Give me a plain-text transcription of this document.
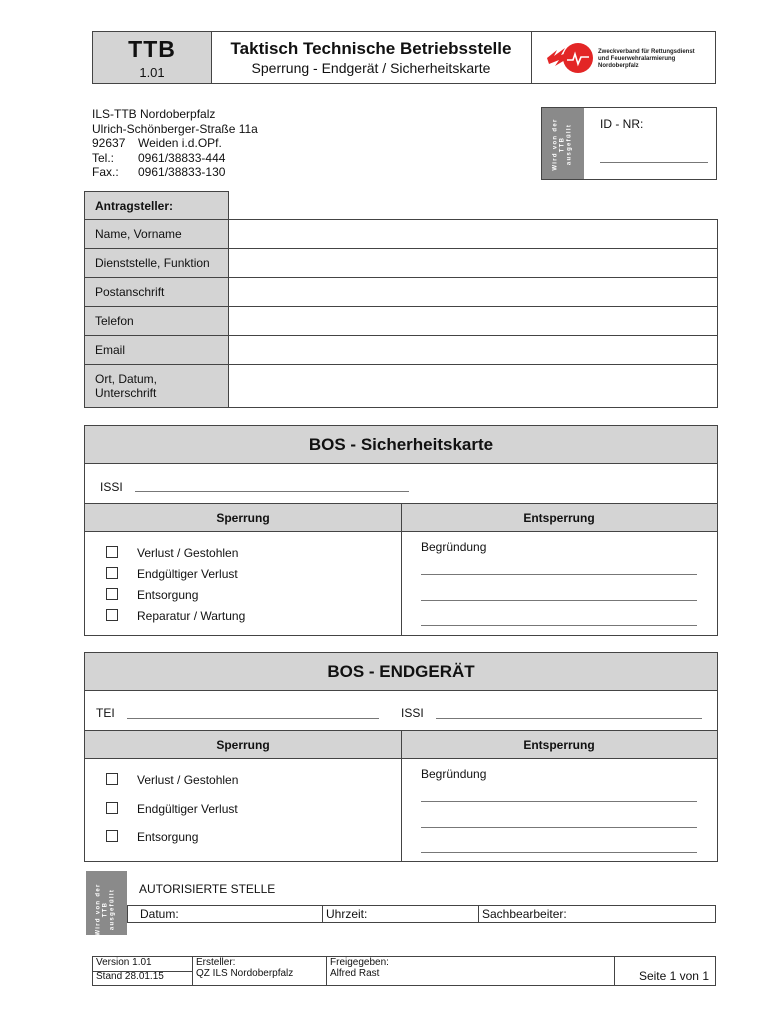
TTB
1.01
Taktisch Technische Betriebsstelle
Sperrung - Endgerät / Sicherheitskarte
Zweckverband für Rettungsdienst
und Feuerwehralarmierung
Nordoberpfalz
ILS-TTB Nordoberpfalz
Ulrich-Schönberger-Straße 11a
92637 Weiden i.d.OPf.
Tel.: 0961/38833-444
Fax.: 0961/38833-130
Wird von der
TTB
ausgefüllt ID - NR:
Antragsteller:
Name, Vorname
Dienststelle, Funktion
Postanschrift
Telefon
Email
Ort, Datum,
Unterschrift
BOS - Sicherheitskarte
ISSI
Sperrung	Entsperrung
Verlust / Gestohlen
Endgültiger Verlust
Entsorgung
Reparatur / Wartung
Begründung
BOS - ENDGERÄT
TEI	ISSI
Sperrung	Entsperrung
Verlust / Gestohlen
Endgültiger Verlust
Entsorgung
Begründung
Wird von der
TTB
ausgefüllt AUTORISIERTE STELLE
Datum:	Uhrzeit:	Sachbearbeiter:
Version 1.01
Stand 28.01.15
Ersteller:
QZ ILS Nordoberpfalz
Freigegeben:
Alfred Rast	Seite 1 von 1
